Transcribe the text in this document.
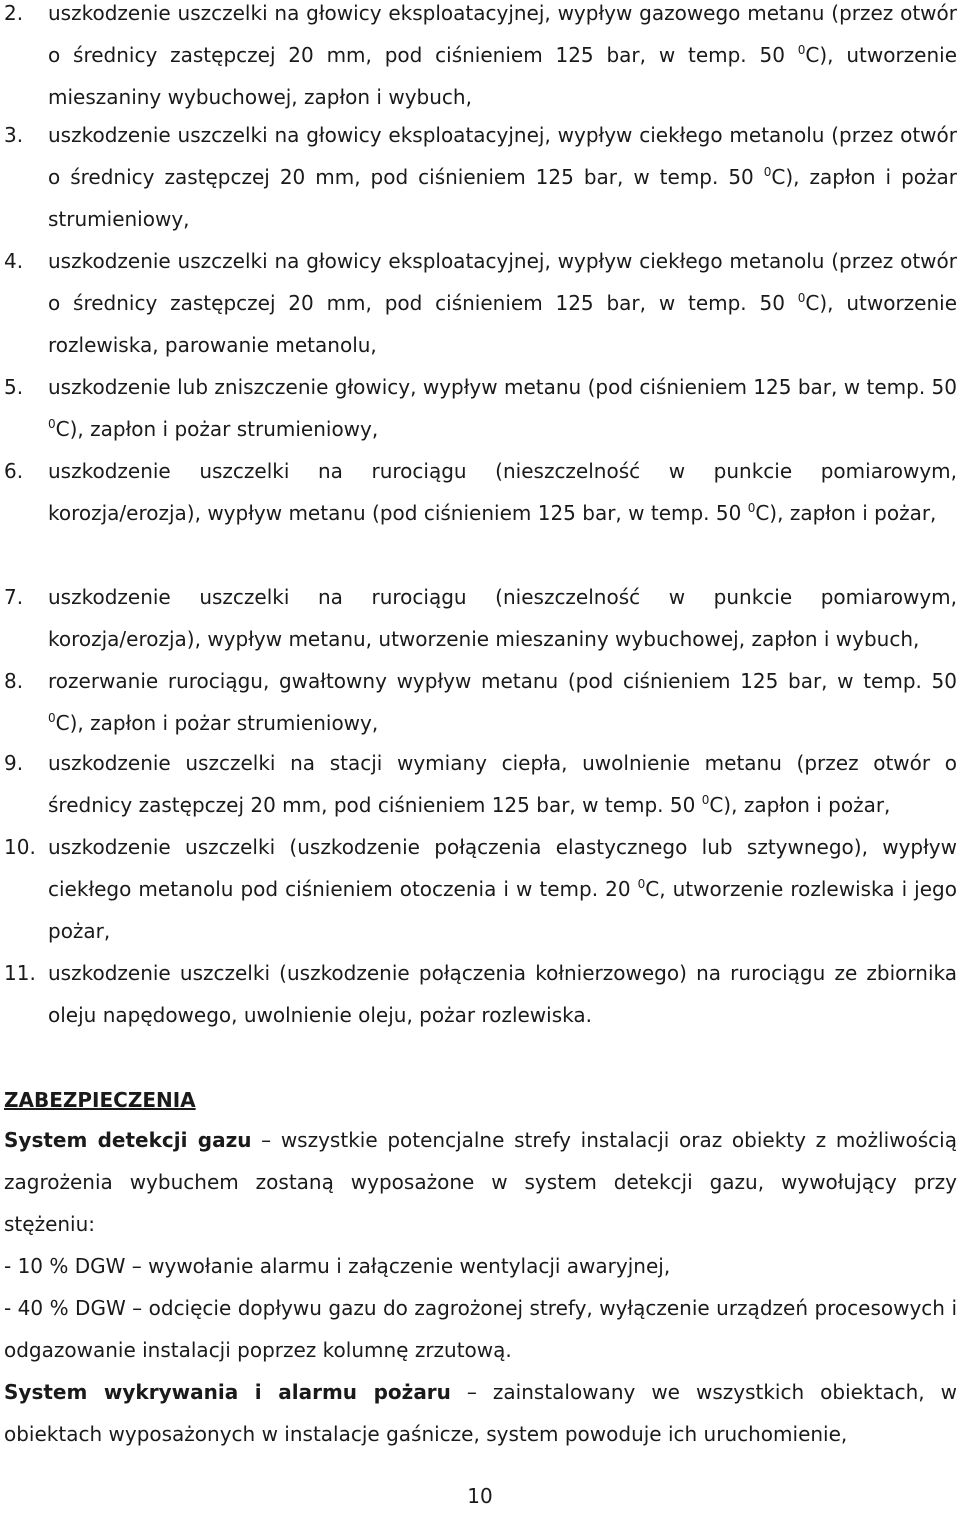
2. uszkodzenie uszczelki na głowicy eksploatacyjnej, wypływ gazowego metanu (przez otwór o średnicy zastępczej 20 mm, pod ciśnieniem 125 bar, w temp. 50 $^0$C), utworzenie mieszaniny wybuchowej, zapłon i wybuch,
3. uszkodzenie uszczelki na głowicy eksploatacyjnej, wypływ ciekłego metanolu (przez otwór o średnicy zastępczej 20 mm, pod ciśnieniem 125 bar, w temp. 50 $^0$C), zapłon i pożar strumieniowy,
4. uszkodzenie uszczelki na głowicy eksploatacyjnej, wypływ ciekłego metanolu (przez otwór o średnicy zastępczej 20 mm, pod ciśnieniem 125 bar, w temp. 50 $^0$C), utworzenie rozlewiska, parowanie metanolu,
5. uszkodzenie lub zniszczenie głowicy, wypływ metanu (pod ciśnieniem 125 bar, w temp. 50 $^0$C), zapłon i pożar strumieniowy,
6. uszkodzenie uszczelki na rurociągu (nieszczelność w punkcie pomiarowym, korozja/erozja), wypływ metanu (pod ciśnieniem 125 bar, w temp. 50 $^0$C), zapłon i pożar,
7. uszkodzenie uszczelki na rurociągu (nieszczelność w punkcie pomiarowym, korozja/erozja), wypływ metanu, utworzenie mieszaniny wybuchowej, zapłon i wybuch,
8. rozerwanie rurociągu, gwałtowny wypływ metanu (pod ciśnieniem 125 bar, w temp. 50 $^0$C), zapłon i pożar strumieniowy,
9. uszkodzenie uszczelki na stacji wymiany ciepła, uwolnienie metanu (przez otwór o średnicy zastępczej 20 mm, pod ciśnieniem 125 bar, w temp. 50 $^0$C), zapłon i pożar,
10. uszkodzenie uszczelki (uszkodzenie połączenia elastycznego lub sztywnego), wypływ ciekłego metanolu pod ciśnieniem otoczenia i w temp. 20 $^0$C, utworzenie rozlewiska i jego pożar,
11. uszkodzenie uszczelki (uszkodzenie połączenia kołnierzowego) na rurociągu ze zbiornika oleju napędowego, uwolnienie oleju, pożar rozlewiska.
ZABEZPIECZENIA

System detekcji gazu – wszystkie potencjalne strefy instalacji oraz obiekty z możliwością zagrożenia wybuchem zostaną wyposażone w system detekcji gazu, wywołujący przy stężeniu:

- 10 % DGW – wywołanie alarmu i załączenie wentylacji awaryjnej,

- 40 % DGW – odcięcie dopływu gazu do zagrożonej strefy, wyłączenie urządzeń procesowych i odgazowanie instalacji poprzez kolumnę zrzutową.

System wykrywania i alarmu pożaru – zainstalowany we wszystkich obiektach, w obiektach wyposażonych w instalacje gaśnicze, system powoduje ich uruchomienie,

10
